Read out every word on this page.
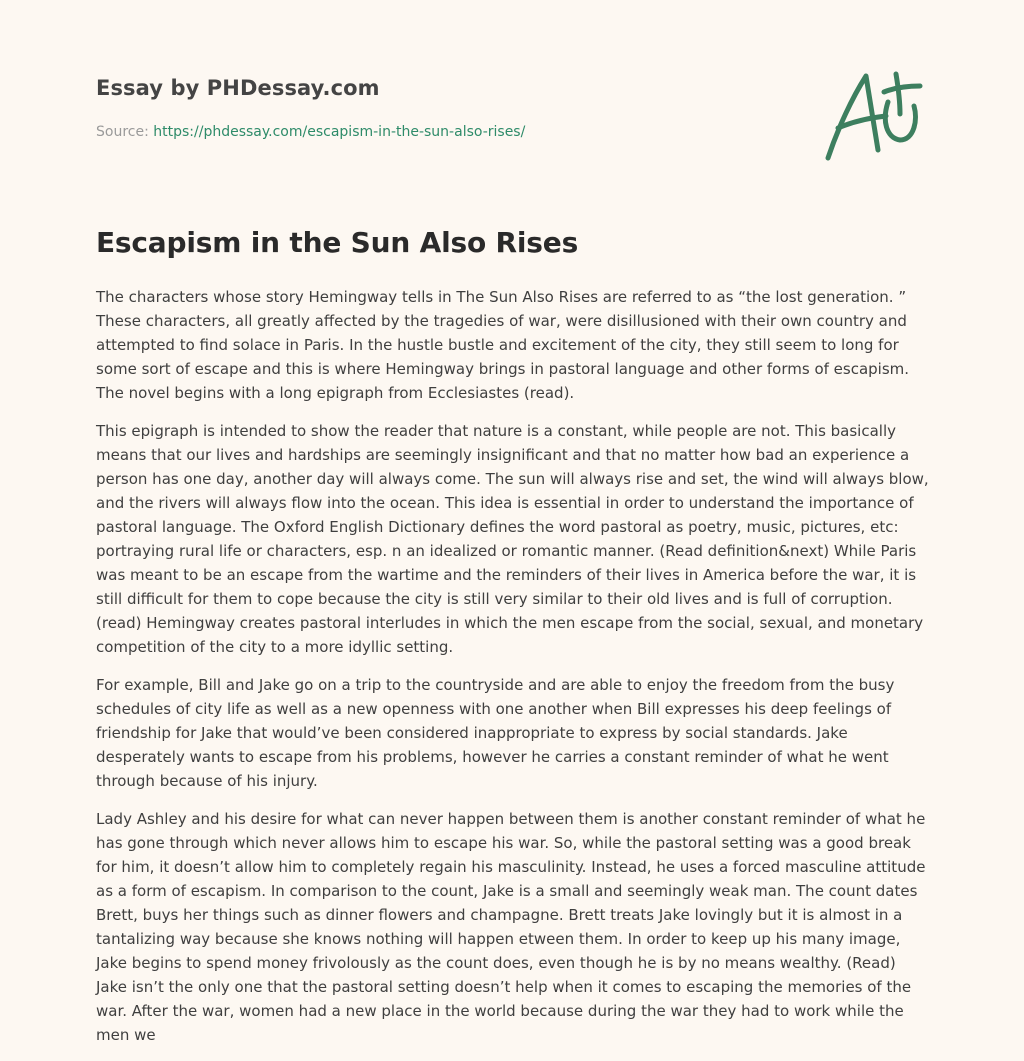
Essay by PHDessay.com
Source: https://phdessay.com/escapism-in-the-sun-also-rises/
Escapism in the Sun Also Rises

The characters whose story Hemingway tells in The Sun Also Rises are referred to as “the lost generation. ” These characters, all greatly affected by the tragedies of war, were disillusioned with their own country and attempted to find solace in Paris. In the hustle bustle and excitement of the city, they still seem to long for some sort of escape and this is where Hemingway brings in pastoral language and other forms of escapism. The novel begins with a long epigraph from Ecclesiastes (read).

This epigraph is intended to show the reader that nature is a constant, while people are not. This basically means that our lives and hardships are seemingly insignificant and that no matter how bad an experience a person has one day, another day will always come. The sun will always rise and set, the wind will always blow, and the rivers will always flow into the ocean. This idea is essential in order to understand the importance of pastoral language. The Oxford English Dictionary defines the word pastoral as poetry, music, pictures, etc: portraying rural life or characters, esp. n an idealized or romantic manner. (Read definition&next) While Paris was meant to be an escape from the wartime and the reminders of their lives in America before the war, it is still difficult for them to cope because the city is still very similar to their old lives and is full of corruption. (read) Hemingway creates pastoral interludes in which the men escape from the social, sexual, and monetary competition of the city to a more idyllic setting.

For example, Bill and Jake go on a trip to the countryside and are able to enjoy the freedom from the busy schedules of city life as well as a new openness with one another when Bill expresses his deep feelings of friendship for Jake that would’ve been considered inappropriate to express by social standards. Jake desperately wants to escape from his problems, however he carries a constant reminder of what he went through because of his injury.

Lady Ashley and his desire for what can never happen between them is another constant reminder of what he has gone through which never allows him to escape his war. So, while the pastoral setting was a good break for him, it doesn’t allow him to completely regain his masculinity. Instead, he uses a forced masculine attitude as a form of escapism. In comparison to the count, Jake is a small and seemingly weak man. The count dates Brett, buys her things such as dinner flowers and champagne. Brett treats Jake lovingly but it is almost in a tantalizing way because she knows nothing will happen etween them. In order to keep up his many image, Jake begins to spend money frivolously as the count does, even though he is by no means wealthy. (Read) Jake isn’t the only one that the pastoral setting doesn’t help when it comes to escaping the memories of the war. After the war, women had a new place in the world because during the war they had to work while the men we
